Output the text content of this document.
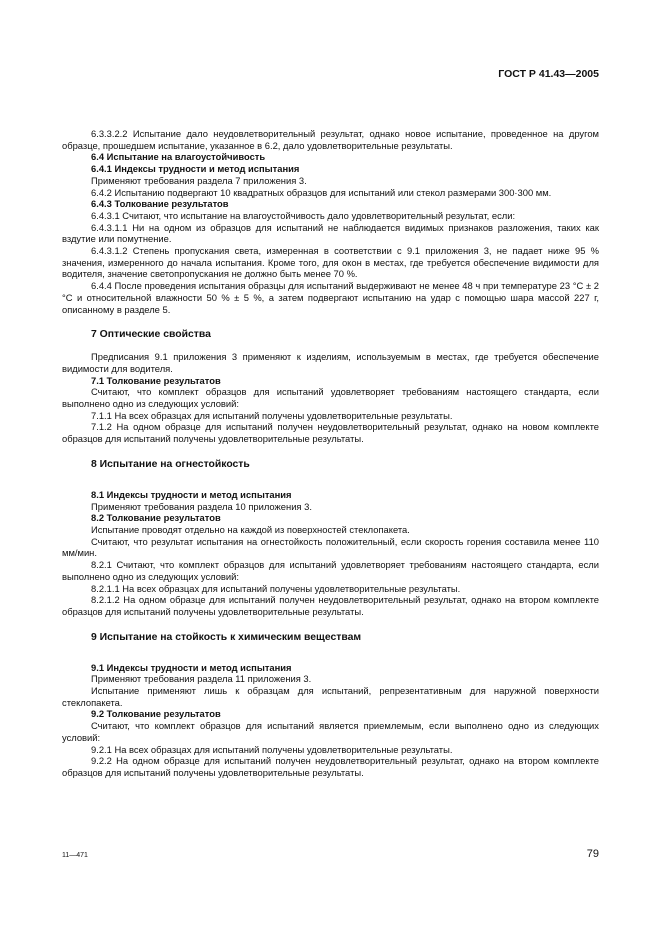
ГОСТ Р 41.43—2005
6.3.3.2.2 Испытание дало неудовлетворительный результат, однако новое испытание, проведенное на другом образце, прошедшем испытание, указанное в 6.2, дало удовлетворительные результаты.
6.4 Испытание на влагоустойчивость
6.4.1 Индексы трудности и метод испытания
Применяют требования раздела 7 приложения 3.
6.4.2 Испытанию подвергают 10 квадратных образцов для испытаний или стекол размерами 300·300 мм.
6.4.3 Толкование результатов
6.4.3.1 Считают, что испытание на влагоустойчивость дало удовлетворительный результат, если:
6.4.3.1.1 Ни на одном из образцов для испытаний не наблюдается видимых признаков разложения, таких как вздутие или помутнение.
6.4.3.1.2 Степень пропускания света, измеренная в соответствии с 9.1 приложения 3, не падает ниже 95 % значения, измеренного до начала испытания. Кроме того, для окон в местах, где требуется обеспечение видимости для водителя, значение светопропускания не должно быть менее 70 %.
6.4.4 После проведения испытания образцы для испытаний выдерживают не менее 48 ч при температуре 23 °С ± 2 °С и относительной влажности 50 % ± 5 %, а затем подвергают испытанию на удар с помощью шара массой 227 г, описанному в разделе 5.
7 Оптические свойства
Предписания 9.1 приложения 3 применяют к изделиям, используемым в местах, где требуется обеспечение видимости для водителя.
7.1 Толкование результатов
Считают, что комплект образцов для испытаний удовлетворяет требованиям настоящего стандарта, если выполнено одно из следующих условий:
7.1.1 На всех образцах для испытаний получены удовлетворительные результаты.
7.1.2 На одном образце для испытаний получен неудовлетворительный результат, однако на новом комплекте образцов для испытаний получены удовлетворительные результаты.
8 Испытание на огнестойкость
8.1 Индексы трудности и метод испытания
Применяют требования раздела 10 приложения 3.
8.2 Толкование результатов
Испытание проводят отдельно на каждой из поверхностей стеклопакета.
Считают, что результат испытания на огнестойкость положительный, если скорость горения составила менее 110 мм/мин.
8.2.1 Считают, что комплект образцов для испытаний удовлетворяет требованиям настоящего стандарта, если выполнено одно из следующих условий:
8.2.1.1 На всех образцах для испытаний получены удовлетворительные результаты.
8.2.1.2 На одном образце для испытаний получен неудовлетворительный результат, однако на втором комплекте образцов для испытаний получены удовлетворительные результаты.
9 Испытание на стойкость к химическим веществам
9.1 Индексы трудности и метод испытания
Применяют требования раздела 11 приложения 3.
Испытание применяют лишь к образцам для испытаний, репрезентативным для наружной поверхности стеклопакета.
9.2 Толкование результатов
Считают, что комплект образцов для испытаний является приемлемым, если выполнено одно из следующих условий:
9.2.1 На всех образцах для испытаний получены удовлетворительные результаты.
9.2.2 На одном образце для испытаний получен неудовлетворительный результат, однако на втором комплекте образцов для испытаний получены удовлетворительные результаты.
11—471	79
